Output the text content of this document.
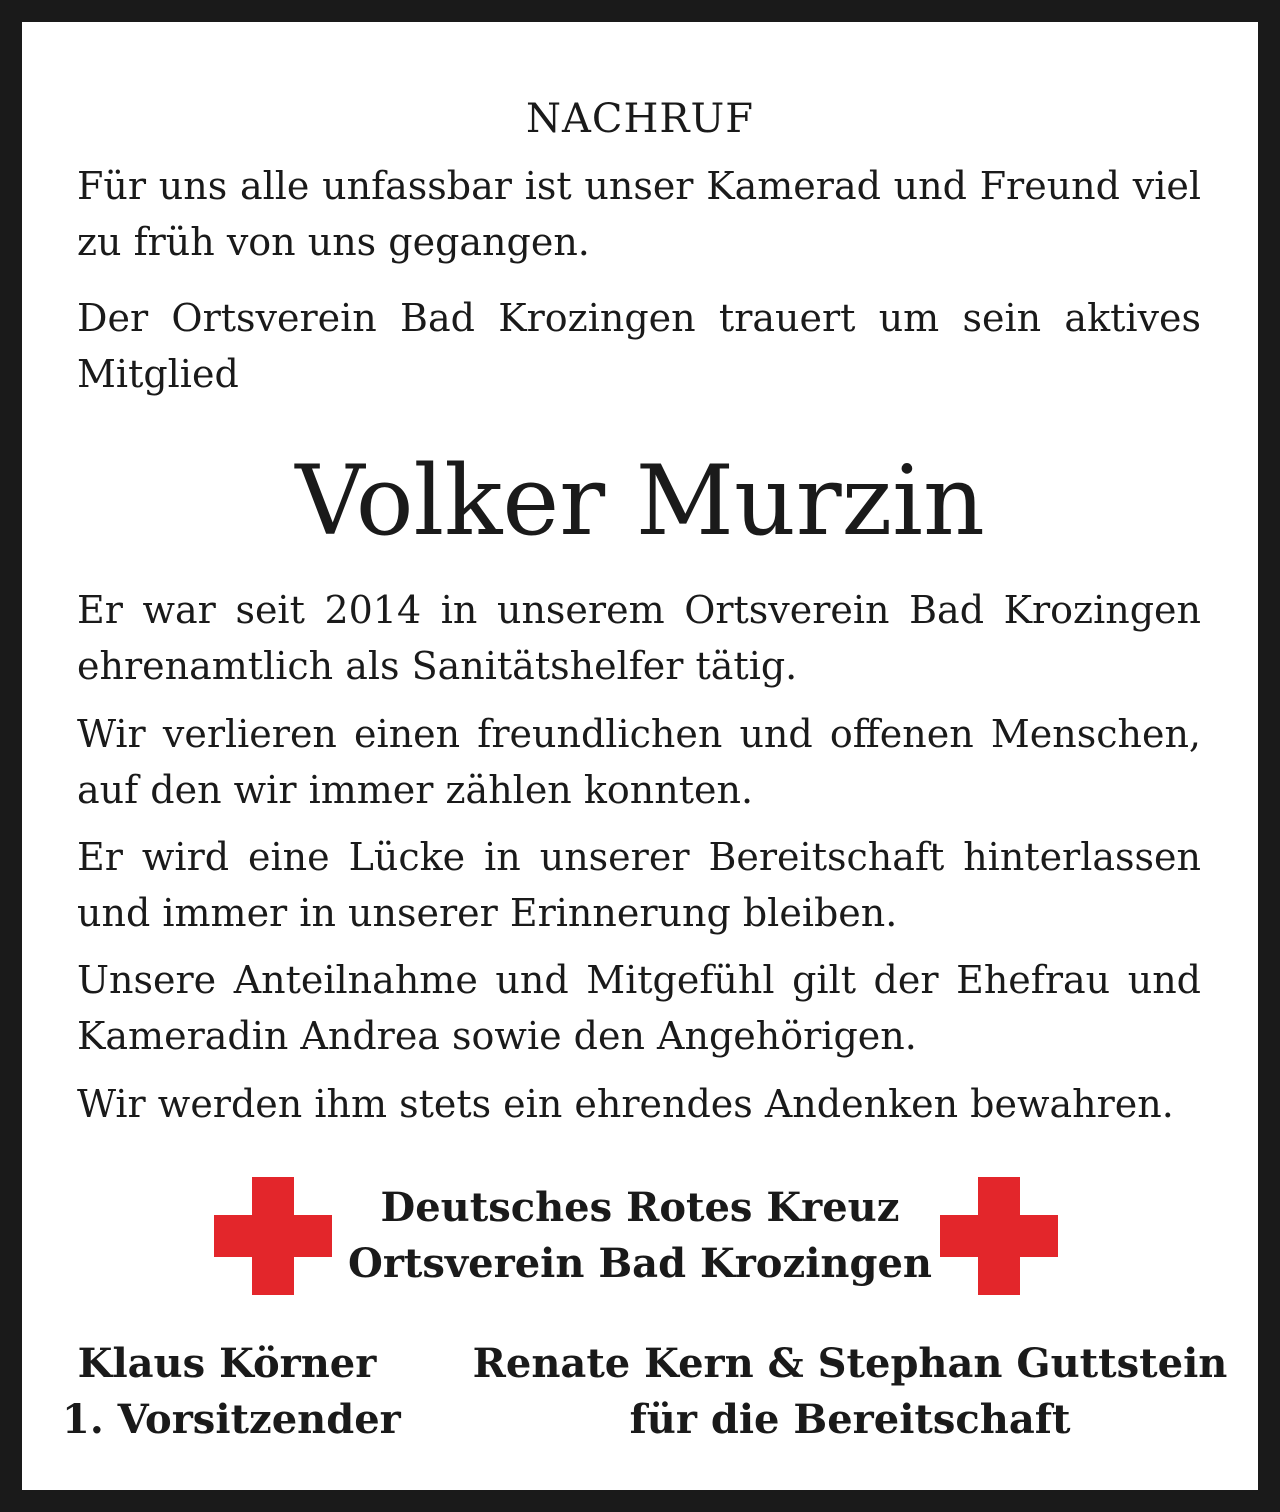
NACHRUF

Für uns alle unfassbar ist unser Kamerad und Freund viel zu früh von uns gegangen.

Der Ortsverein Bad Krozingen trauert um sein aktives Mitglied

Volker Murzin

Er war seit 2014 in unserem Ortsverein Bad Krozingen ehrenamtlich als Sanitätshelfer tätig.

Wir verlieren einen freundlichen und offenen Menschen, auf den wir immer zählen konnten.

Er wird eine Lücke in unserer Bereitschaft hinterlassen und immer in unserer Erinnerung bleiben.

Unsere Anteilnahme und Mitgefühl gilt der Ehefrau und Kameradin Andrea sowie den Angehörigen.

Wir werden ihm stets ein ehrendes Andenken bewahren.

Deutsches Rotes Kreuz
Ortsverein Bad Krozingen
Klaus Körner
1. Vorsitzender
Renate Kern & Stephan Guttstein
für die Bereitschaft
